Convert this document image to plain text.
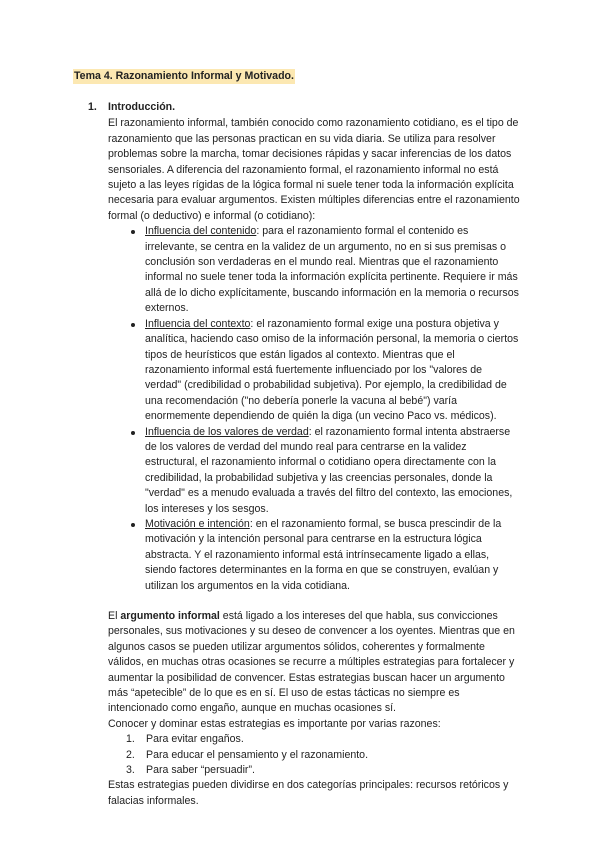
Tema 4. Razonamiento Informal y Motivado.
1. Introducción.

El razonamiento informal, también conocido como razonamiento cotidiano, es el tipo de razonamiento que las personas practican en su vida diaria. Se utiliza para resolver problemas sobre la marcha, tomar decisiones rápidas y sacar inferencias de los datos sensoriales. A diferencia del razonamiento formal, el razonamiento informal no está sujeto a las leyes rígidas de la lógica formal ni suele tener toda la información explícita necesaria para evaluar argumentos. Existen múltiples diferencias entre el razonamiento formal (o deductivo) e informal (o cotidiano):

Influencia del contenido: para el razonamiento formal el contenido es irrelevante, se centra en la validez de un argumento, no en si sus premisas o conclusión son verdaderas en el mundo real. Mientras que el razonamiento informal no suele tener toda la información explícita pertinente. Requiere ir más allá de lo dicho explícitamente, buscando información en la memoria o recursos externos.
Influencia del contexto: el razonamiento formal exige una postura objetiva y analítica, haciendo caso omiso de la información personal, la memoria o ciertos tipos de heurísticos que están ligados al contexto. Mientras que el razonamiento informal está fuertemente influenciado por los "valores de verdad" (credibilidad o probabilidad subjetiva). Por ejemplo, la credibilidad de una recomendación ("no debería ponerle la vacuna al bebé") varía enormemente dependiendo de quién la diga (un vecino Paco vs. médicos).
Influencia de los valores de verdad: el razonamiento formal intenta abstraerse de los valores de verdad del mundo real para centrarse en la validez estructural, el razonamiento informal o cotidiano opera directamente con la credibilidad, la probabilidad subjetiva y las creencias personales, donde la "verdad" es a menudo evaluada a través del filtro del contexto, las emociones, los intereses y los sesgos.
Motivación e intención: en el razonamiento formal, se busca prescindir de la motivación y la intención personal para centrarse en la estructura lógica abstracta. Y el razonamiento informal está intrínsecamente ligado a ellas, siendo factores determinantes en la forma en que se construyen, evalúan y utilizan los argumentos en la vida cotidiana.

El argumento informal está ligado a los intereses del que habla, sus convicciones personales, sus motivaciones y su deseo de convencer a los oyentes. Mientras que en algunos casos se pueden utilizar argumentos sólidos, coherentes y formalmente válidos, en muchas otras ocasiones se recurre a múltiples estrategias para fortalecer y aumentar la posibilidad de convencer. Estas estrategias buscan hacer un argumento más “apetecible” de lo que es en sí. El uso de estas tácticas no siempre es intencionado como engaño, aunque en muchas ocasiones sí.

Conocer y dominar estas estrategias es importante por varias razones:

1. Para evitar engaños.
2. Para educar el pensamiento y el razonamiento.
3. Para saber “persuadir”.

Estas estrategias pueden dividirse en dos categorías principales: recursos retóricos y falacias informales.
